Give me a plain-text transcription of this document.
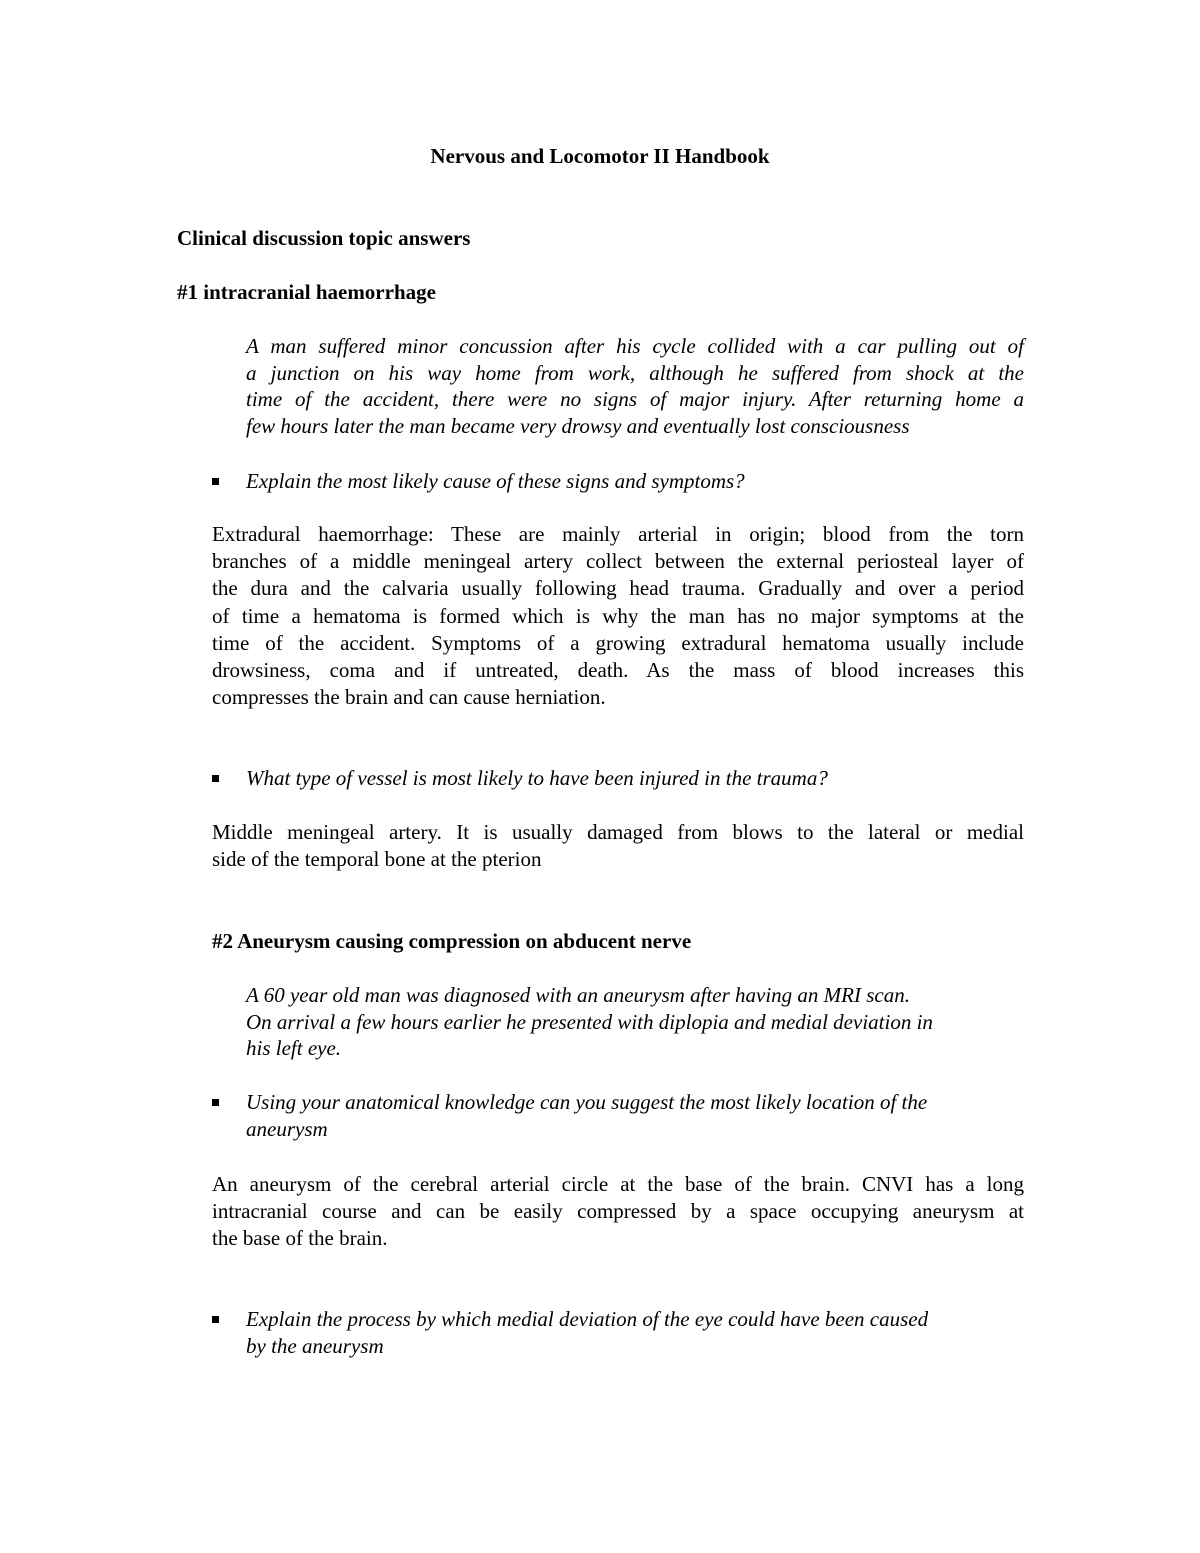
Nervous and Locomotor II Handbook
Clinical discussion topic answers
#1 intracranial haemorrhage
A man suffered minor concussion after his cycle collided with a car pulling out of
a junction on his way home from work, although he suffered from shock at the
time of the accident, there were no signs of major injury. After returning home a
few hours later the man became very drowsy and eventually lost consciousness
Explain the most likely cause of these signs and symptoms?
Extradural haemorrhage: These are mainly arterial in origin; blood from the torn
branches of a middle meningeal artery collect between the external periosteal layer of
the dura and the calvaria usually following head trauma. Gradually and over a period
of time a hematoma is formed which is why the man has no major symptoms at the
time of the accident. Symptoms of a growing extradural hematoma usually include
drowsiness, coma and if untreated, death. As the mass of blood increases this
compresses the brain and can cause herniation.
What type of vessel is most likely to have been injured in the trauma?
Middle meningeal artery. It is usually damaged from blows to the lateral or medial
side of the temporal bone at the pterion
#2 Aneurysm causing compression on abducent nerve
A 60 year old man was diagnosed with an aneurysm after having an MRI scan.
On arrival a few hours earlier he presented with diplopia and medial deviation in
his left eye.
Using your anatomical knowledge can you suggest the most likely location of the
aneurysm
An aneurysm of the cerebral arterial circle at the base of the brain. CNVI has a long
intracranial course and can be easily compressed by a space occupying aneurysm at
the base of the brain.
Explain the process by which medial deviation of the eye could have been caused
by the aneurysm
